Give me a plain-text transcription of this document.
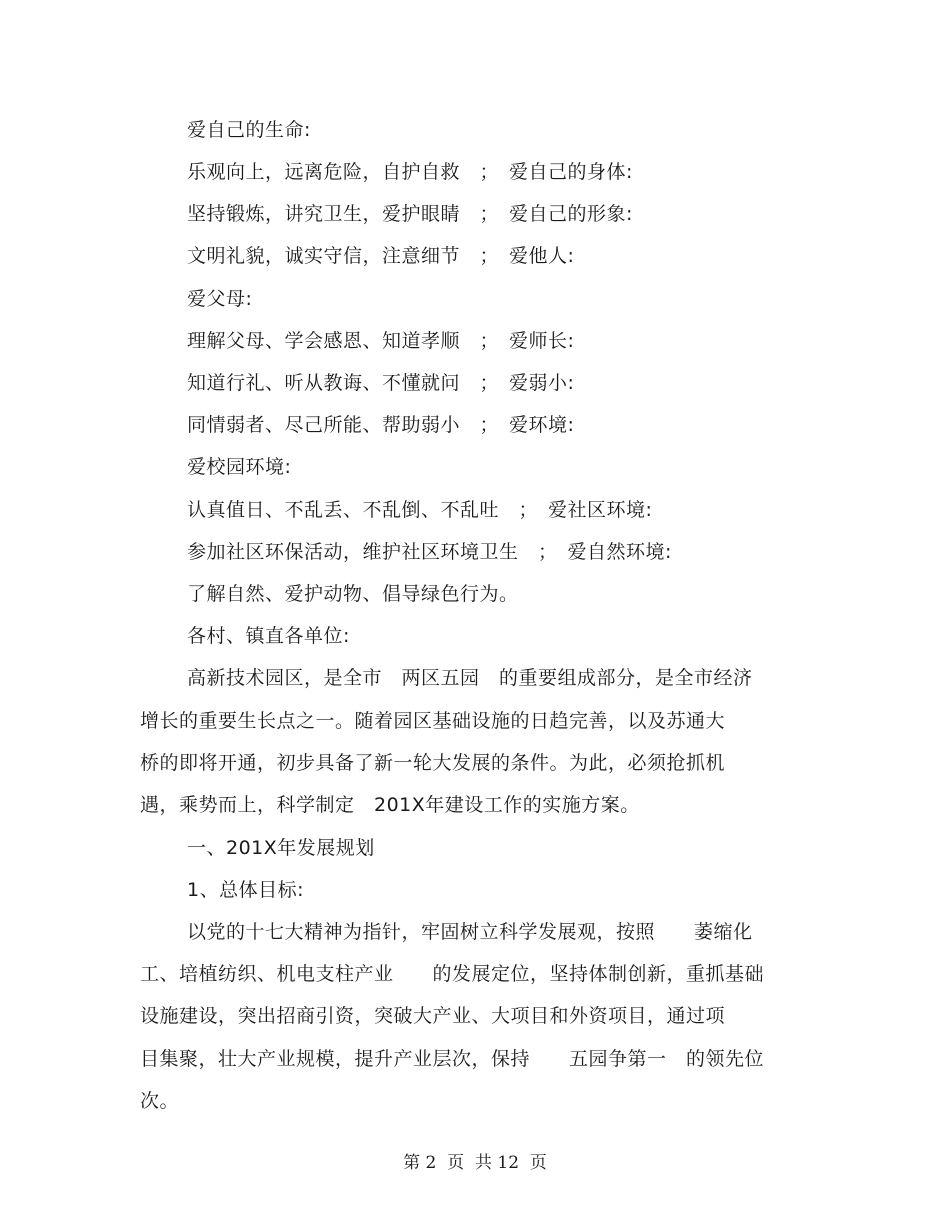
爱自己的生命:
乐观向上，远离危险，自护自救　；　爱自己的身体:
坚持锻炼，讲究卫生，爱护眼睛　；　爱自己的形象:
文明礼貌，诚实守信，注意细节　；　爱他人:
爱父母:
理解父母、学会感恩、知道孝顺　；　爱师长:
知道行礼、听从教诲、不懂就问　；　爱弱小:
同情弱者、尽己所能、帮助弱小　；　爱环境:
爱校园环境:
认真值日、不乱丢、不乱倒、不乱吐　；　爱社区环境:
参加社区环保活动，维护社区环境卫生　；　爱自然环境:
了解自然、爱护动物、倡导绿色行为。
各村、镇直各单位:
高新技术园区，是全市　两区五园　的重要组成部分，是全市经济
增长的重要生长点之一。随着园区基础设施的日趋完善，以及苏通大
桥的即将开通，初步具备了新一轮大发展的条件。为此，必须抢抓机
遇，乘势而上，科学制定　201X年建设工作的实施方案。
一、201X年发展规划
1、总体目标:
以党的十七大精神为指针，牢固树立科学发展观，按照　　萎缩化
工、培植纺织、机电支柱产业　　的发展定位，坚持体制创新，重抓基础
设施建设，突出招商引资，突破大产业、大项目和外资项目，通过项
目集聚，壮大产业规模，提升产业层次，保持　　五园争第一　的领先位
次。
第 2  页  共 12  页
